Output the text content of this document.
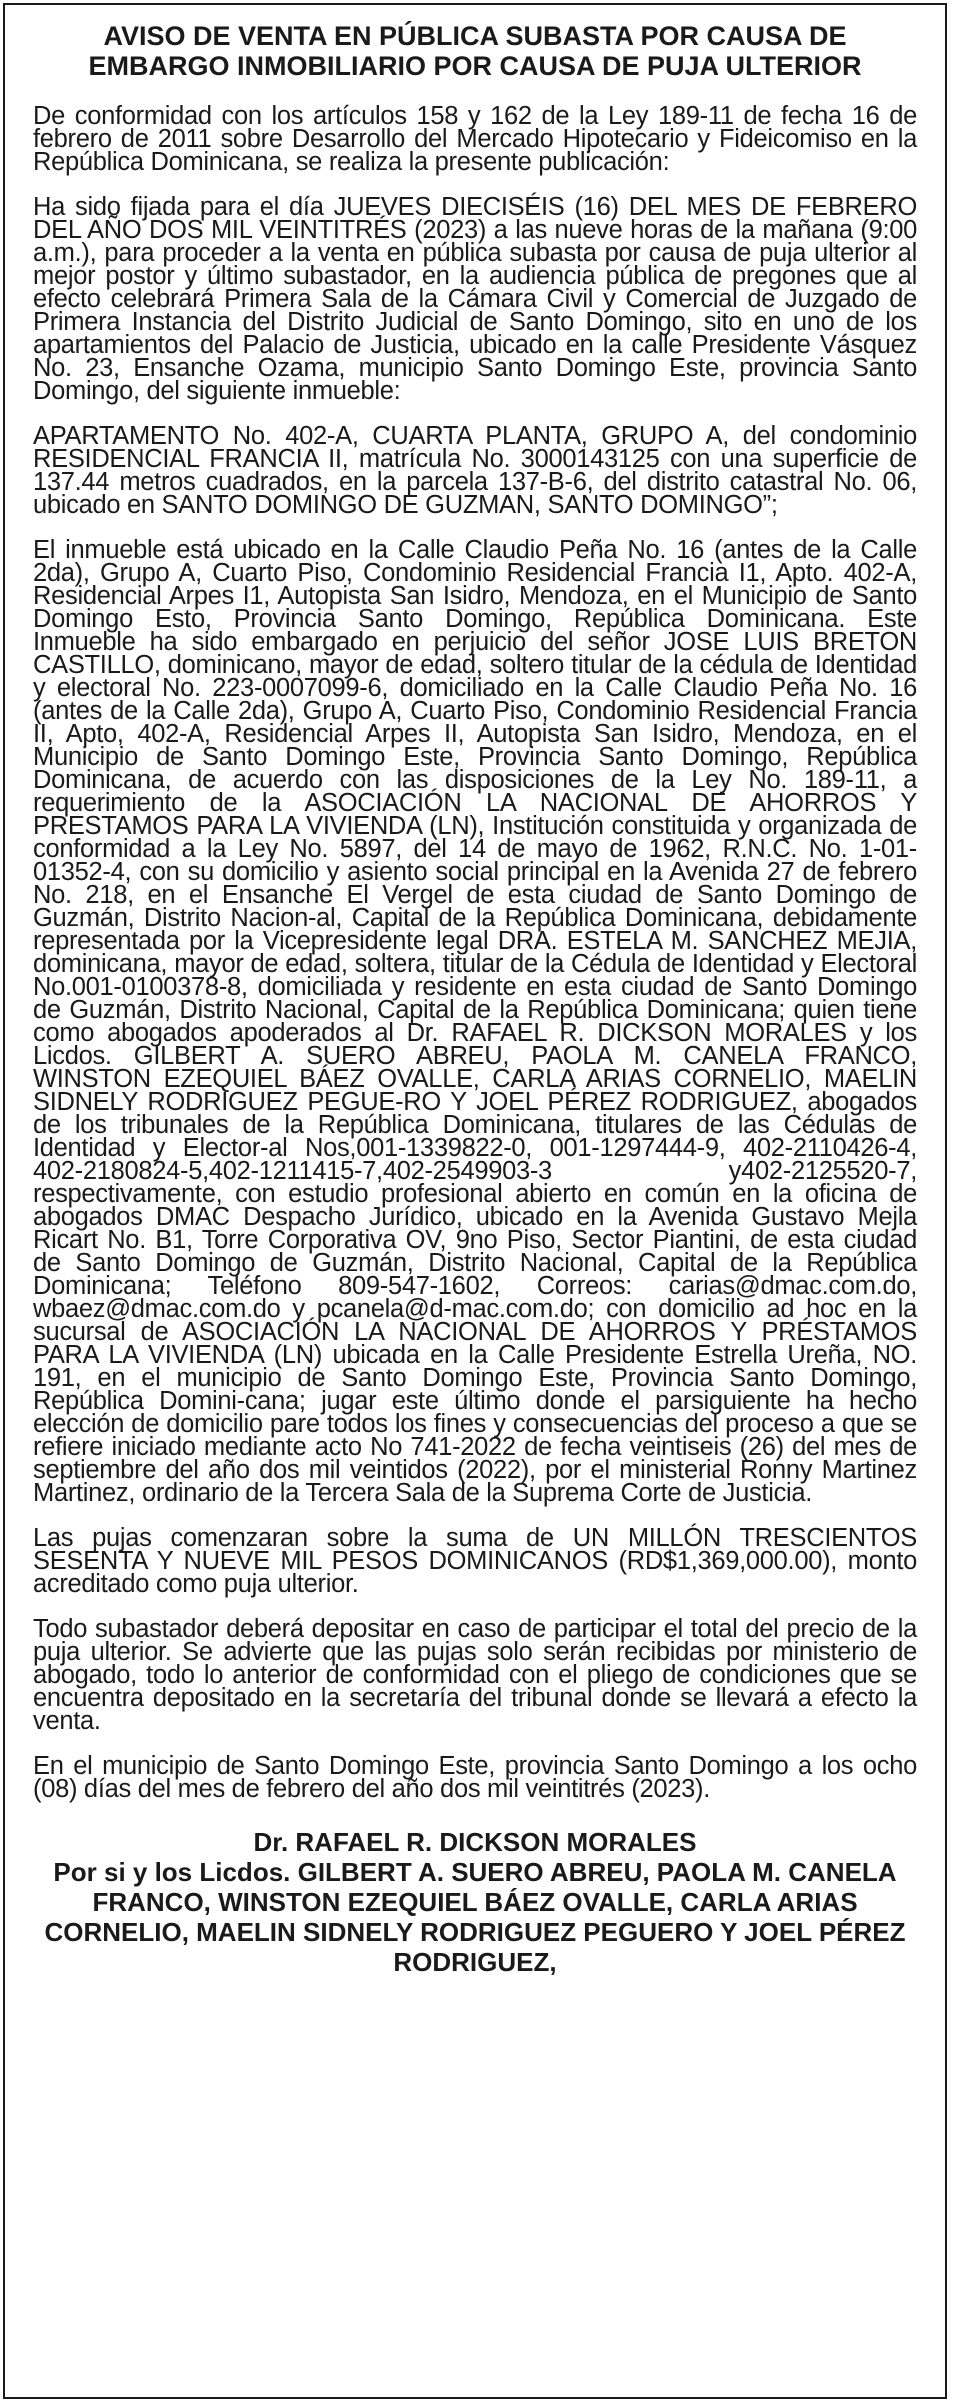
AVISO DE VENTA EN PÚBLICA SUBASTA POR CAUSA DE EMBARGO INMOBILIARIO POR CAUSA DE PUJA ULTERIOR

De conformidad con los artículos 158 y 162 de la Ley 189-11 de fecha 16 de febrero de 2011 sobre Desarrollo del Mercado Hipotecario y Fideicomiso en la República Dominicana, se realiza la presente publicación:

Ha sido fijada para el día JUEVES DIECISÉIS (16) DEL MES DE FEBRERO DEL AÑO DOS MIL VEINTITRÉS (2023) a las nueve horas de la mañana (9:00 a.m.), para proceder a la venta en pública subasta por causa de puja ulterior al mejor postor y último subastador, en la audiencia pública de pregones que al efecto celebrará Primera Sala de la Cámara Civil y Comercial de Juzgado de Primera Instancia del Distrito Judicial de Santo Domingo, sito en uno de los apartamientos del Palacio de Justicia, ubicado en la calle Presidente Vásquez No. 23, Ensanche Ozama, municipio Santo Domingo Este, provincia Santo Domingo, del siguiente inmueble:

APARTAMENTO No. 402-A, CUARTA PLANTA, GRUPO A, del condominio RESIDENCIAL FRANCIA II, matrícula No. 3000143125 con una superficie de 137.44 metros cuadrados, en la parcela 137-B-6, del distrito catastral No. 06, ubicado en SANTO DOMINGO DE GUZMAN, SANTO DOMINGO”;

El inmueble está ubicado en la Calle Claudio Peña No. 16 (antes de la Calle 2da), Grupo A, Cuarto Piso, Condominio Residencial Francia I1, Apto. 402-A, Residencial Arpes I1, Autopista San Isidro, Mendoza, en el Municipio de Santo Domingo Esto, Provincia Santo Domingo, República Dominicana. Este Inmueble ha sido embargado en perjuicio del señor JOSE LUIS BRETON CASTILLO, dominicano, mayor de edad, soltero titular de la cédula de Identidad y electoral No. 223-0007099-6, domiciliado en la Calle Claudio Peña No. 16 (antes de la Calle 2da), Grupo A, Cuarto Piso, Condominio Residencial Francia II, Apto, 402-A, Residencial Arpes II, Autopista San Isidro, Mendoza, en el Municipio de Santo Domingo Este, Provincia Santo Domingo, República Dominicana, de acuerdo con las disposiciones de la Ley No. 189-11, a requerimiento de la ASOCIACIÓN LA NACIONAL DE AHORROS Y PRESTAMOS PARA LA VIVIENDA (LN), Institución constituida y organizada de conformidad a la Ley No. 5897, del 14 de mayo de 1962, R.N.C. No. 1-01-01352-4, con su domicilio y asiento social principal en la Avenida 27 de febrero No. 218, en el Ensanche El Vergel de esta ciudad de Santo Domingo de Guzmán, Distrito Nacion-al, Capital de la República Dominicana, debidamente representada por la Vicepresidente legal DRA. ESTELA M. SANCHEZ MEJIA, dominicana, mayor de edad, soltera, titular de la Cédula de Identidad y Electoral No.001-0100378-8, domiciliada y residente en esta ciudad de Santo Domingo de Guzmán, Distrito Nacional, Capital de la República Dominicana; quien tiene como abogados apoderados al Dr. RAFAEL R. DICKSON MORALES y los Licdos. GILBERT A. SUERO ABREU, PAOLA M. CANELA FRANCO, WINSTON EZEQUIEL BÁEZ OVALLE, CARLA ARIAS CORNELIO, MAELIN SIDNELY RODRIGUEZ PEGUE-RO Y JOEL PÉREZ RODRIGUEZ, abogados de los tribunales de la República Dominicana, titulares de las Cédulas de Identidad y Elector-al Nos,001-1339822-0, 001-1297444-9, 402-2110426-4, 402-2180824-5,402-1211415-7,402-2549903-3 y402-2125520-7, respectivamente, con estudio profesional abierto en común en la oficina de abogados DMAC Despacho Jurídico, ubicado en la Avenida Gustavo Mejla Ricart No. B1, Torre Corporativa OV, 9no Piso, Sector Piantini, de esta ciudad de Santo Domingo de Guzmán, Distrito Nacional, Capital de la República Dominicana; Teléfono 809-547-1602, Correos: carias@dmac.com.do, wbaez@dmac.com.do y pcanela@d-mac.com.do; con domicilio ad hoc en la sucursal de ASOCIACIÓN LA NACIONAL DE AHORROS Y PRÉSTAMOS PARA LA VIVIENDA (LN) ubicada en la Calle Presidente Estrella Ureña, NO. 191, en el municipio de Santo Domingo Este, Provincia Santo Domingo, República Domini-cana; jugar este último donde el parsiguiente ha hecho elección de domicilio pare todos los fines y consecuencias del proceso a que se refiere iniciado mediante acto No 741-2022 de fecha veintiseis (26) del mes de septiembre del año dos mil veintidos (2022), por el ministerial Ronny Martinez Martinez, ordinario de la Tercera Sala de la Suprema Corte de Justicia.

Las pujas comenzaran sobre la suma de UN MILLÓN TRESCIENTOS SESENTA Y NUEVE MIL PESOS DOMINICANOS (RD$1,369,000.00), monto acreditado como puja ulterior.

Todo subastador deberá depositar en caso de participar el total del precio de la puja ulterior. Se advierte que las pujas solo serán recibidas por ministerio de abogado, todo lo anterior de conformidad con el pliego de condiciones que se encuentra depositado en la secretaría del tribunal donde se llevará a efecto la venta.

En el municipio de Santo Domingo Este, provincia Santo Domingo a los ocho (08) días del mes de febrero del año dos mil veintitrés (2023).

Dr. RAFAEL R. DICKSON MORALES
Por si y los Licdos. GILBERT A. SUERO ABREU, PAOLA M. CANELA FRANCO, WINSTON EZEQUIEL BÁEZ OVALLE, CARLA ARIAS CORNELIO, MAELIN SIDNELY RODRIGUEZ PEGUERO Y JOEL PÉREZ RODRIGUEZ,
